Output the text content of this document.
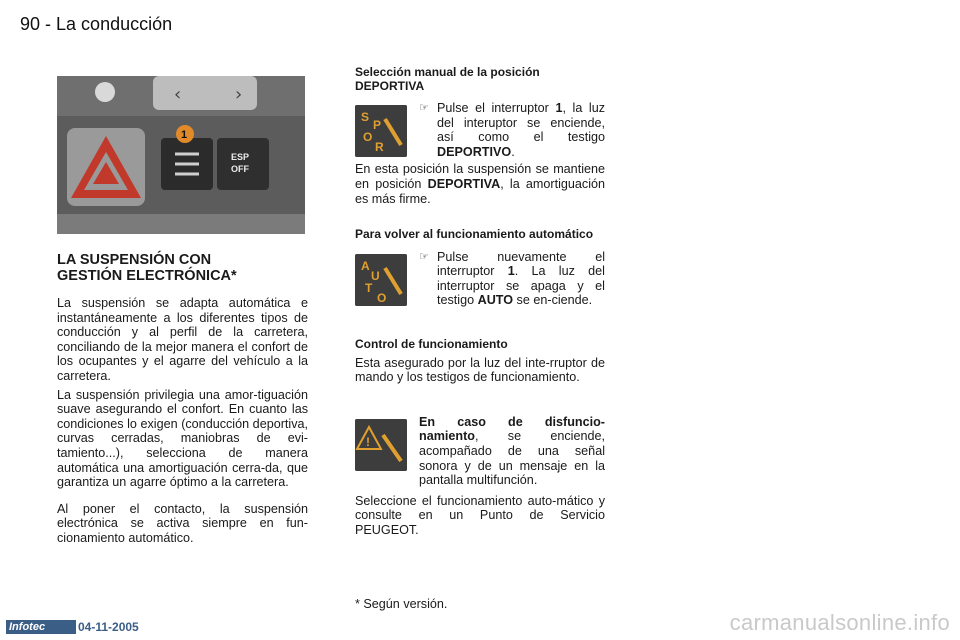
90 - La conducción
‹	›
1
ESP
OFF
LA SUSPENSIÓN CON
GESTIÓN ELECTRÓNICA*

La suspensión se adapta automática e instantáneamente a los diferentes tipos de conducción y al perfil de la carretera, conciliando de la mejor manera el confort de los ocupantes y el agarre del vehículo a la carretera.

La suspensión privilegia una amor-tiguación suave asegurando el confort. En cuanto las condiciones lo exigen (conducción deportiva, curvas cerradas, maniobras de evi-tamiento...), selecciona de manera automática una amortiguación cerra-da, que garantiza un agarre óptimo a la carretera.

Al poner el contacto, la suspensión electrónica se activa siempre en fun-cionamiento automático.

Selección manual de la posición DEPORTIVA
S
P
O
R
☞ Pulse el interruptor 1, la luz del interuptor se enciende, así como el testigo DEPORTIVO.

En esta posición la suspensión se mantiene en posición DEPORTIVA, la amortiguación es más firme.

Para volver al funcionamiento automático
A
U
T
O
☞ Pulse nuevamente el interruptor 1. La luz del interruptor se apaga y el testigo AUTO se en-ciende.
Control de funcionamiento

Esta asegurado por la luz del inte-rruptor de mando y los testigos de funcionamiento.

!
En caso de disfuncio-namiento, se enciende, acompañado de una señal sonora y de un mensaje en la pantalla multifunción.

Seleccione el funcionamiento auto-mático y consulte en un Punto de Servicio PEUGEOT.

* Según versión.
Infotec	04-11-2005	carmanualsonline.info
